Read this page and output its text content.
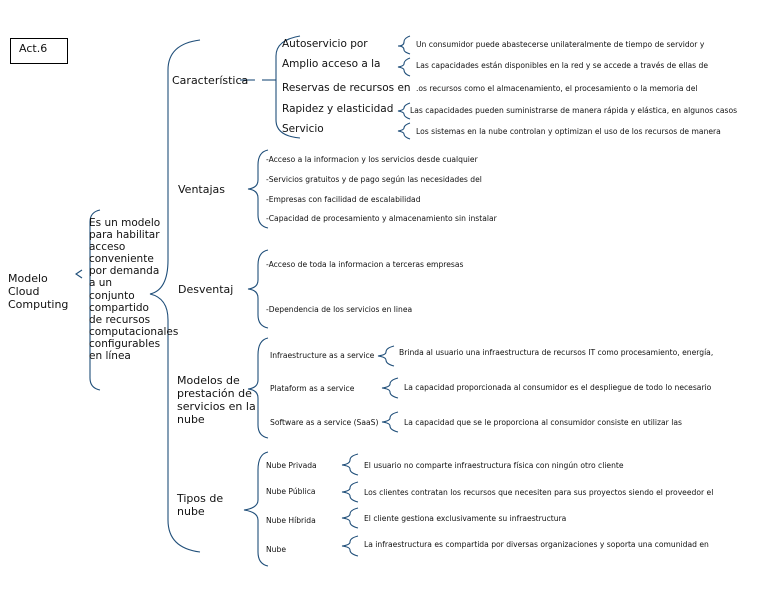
Act.6
Modelo Cloud Computing
Es un modelo para habilitar acceso conveniente por demanda a un conjunto compartido de recursos computacionales configurables en línea
Característica
Autoservicio por
Amplio acceso a la
Reservas de recursos en
Rapidez y elasticidad
Servicio
Un consumidor puede abastecerse unilateralmente de tiempo de servidor y
Las capacidades están disponibles en la red y se accede a través de ellas de
.os recursos como el almacenamiento, el procesamiento o la memoria del
Las capacidades pueden suministrarse de manera rápida y elástica, en algunos casos
Los sistemas en la nube controlan y optimizan el uso de los recursos de manera
Ventajas
-Acceso a la informacion y los servicios desde cualquier
-Servicios gratuitos y de pago según las necesidades del
-Empresas con facilidad de escalabilidad
-Capacidad de procesamiento y almacenamiento sin instalar
Desventaj
-Acceso de toda la informacion a terceras empresas
-Dependencia de los servicios en linea
Modelos de prestación de servicios en la nube
Infraestructure as a service
Plataform as a service
Software as a service (SaaS)
Brinda al usuario una infraestructura de recursos IT como procesamiento, energía,
La capacidad proporcionada al consumidor es el despliegue de todo lo necesario
La capacidad que se le proporciona al consumidor consiste en utilizar las
Tipos de nube
Nube Privada
Nube Pública
Nube Híbrida
Nube
El usuario no comparte infraestructura física con ningún otro cliente
Los clientes contratan los recursos que necesiten para sus proyectos siendo el proveedor el
El cliente gestiona exclusivamente su infraestructura
La infraestructura es compartida por diversas organizaciones y soporta una comunidad en
